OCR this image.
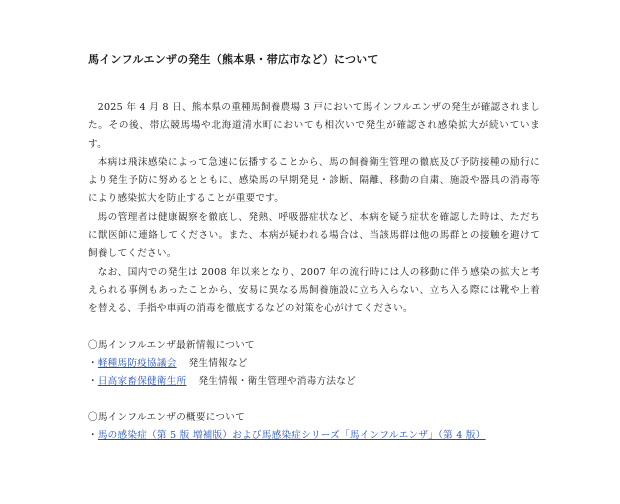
馬インフルエンザの発生（熊本県・帯広市など）について

2025 年 4 月 8 日、熊本県の重種馬飼養農場 3 戸において馬インフルエンザの発生が確認されました。その後、帯広競馬場や北海道清水町においても相次いで発生が確認され感染拡大が続いています。

本病は飛沫感染によって急速に伝播することから、馬の飼養衛生管理の徹底及び予防接種の励行により発生予防に努めるとともに、感染馬の早期発見・診断、隔離、移動の自粛、施設や器具の消毒等により感染拡大を防止することが重要です。

馬の管理者は健康観察を徹底し、発熱、呼吸器症状など、本病を疑う症状を確認した時は、ただちに獣医師に連絡してください。また、本病が疑われる場合は、当該馬群は他の馬群との接触を避けて飼養してください。

なお、国内での発生は 2008 年以来となり、2007 年の流行時には人の移動に伴う感染の拡大と考えられる事例もあったことから、安易に異なる馬飼養施設に立ち入らない、立ち入る際には靴や上着を替える、手指や車両の消毒を徹底するなどの対策を心がけてください。

〇馬インフルエンザ最新情報について
・軽種馬防疫協議会 発生情報など
・日高家畜保健衛生所 発生情報・衛生管理や消毒方法など
〇馬インフルエンザの概要について
・馬の感染症（第 5 版 増補版）および馬感染症シリーズ「馬インフルエンザ」（第 4 版）
